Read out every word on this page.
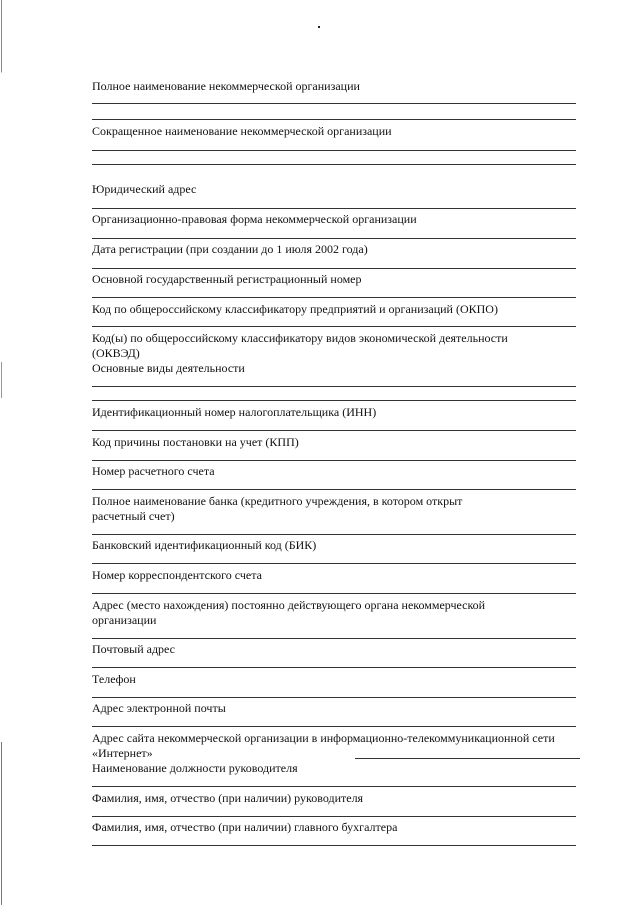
Полное наименование некоммерческой организации
Сокращенное наименование некоммерческой организации
Юридический адрес
Организационно-правовая форма некоммерческой организации
Дата регистрации (при создании до 1 июля 2002 года)
Основной государственный регистрационный номер
Код по общероссийскому классификатору предприятий и организаций (ОКПО)
Код(ы) по общероссийскому классификатору видов экономической деятельности
(ОКВЭД)
Основные виды деятельности
Идентификационный номер налогоплательщика (ИНН)
Код причины постановки на учет (КПП)
Номер расчетного счета
Полное наименование банка (кредитного учреждения, в котором открыт
расчетный счет)
Банковский идентификационный код (БИК)
Номер корреспондентского счета
Адрес (место нахождения) постоянно действующего органа некоммерческой
организации
Почтовый адрес
Телефон
Адрес электронной почты
Адрес сайта некоммерческой организации в информационно-телекоммуникационной сети
«Интернет»
Наименование должности руководителя
Фамилия, имя, отчество (при наличии) руководителя
Фамилия, имя, отчество (при наличии) главного бухгалтера
